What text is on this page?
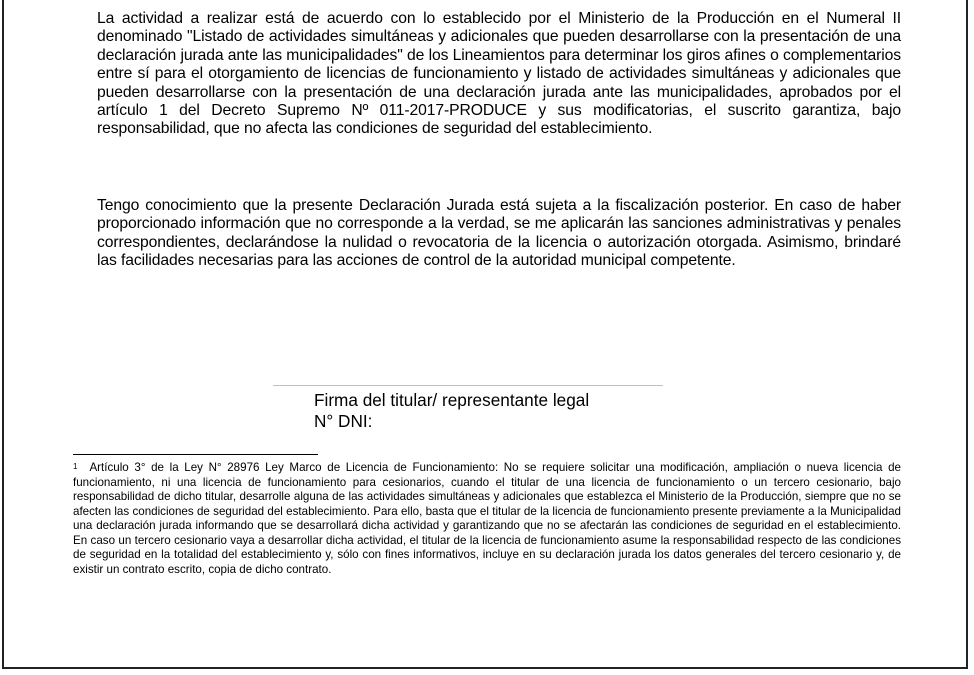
La actividad a realizar está de acuerdo con lo establecido por el Ministerio de la Producción en el Numeral II denominado "Listado de actividades simultáneas y adicionales que pueden desarrollarse con la presentación de una declaración jurada ante las municipalidades" de los Lineamientos para determinar los giros afines o complementarios entre sí para el otorgamiento de licencias de funcionamiento y listado de actividades simultáneas y adicionales que pueden desarrollarse con la presentación de una declaración jurada ante las municipalidades, aprobados por el artículo 1 del Decreto Supremo Nº 011-2017-PRODUCE y sus modificatorias, el suscrito garantiza, bajo responsabilidad, que no afecta las condiciones de seguridad del establecimiento.

Tengo conocimiento que la presente Declaración Jurada está sujeta a la fiscalización posterior. En caso de haber proporcionado información que no corresponde a la verdad, se me aplicarán las sanciones administrativas y penales correspondientes, declarándose la nulidad o revocatoria de la licencia o autorización otorgada. Asimismo, brindaré las facilidades necesarias para las acciones de control de la autoridad municipal competente.

Firma del titular/ representante legal
N° DNI:

$^1$ Artículo 3° de la Ley N° 28976 Ley Marco de Licencia de Funcionamiento: No se requiere solicitar una modificación, ampliación o nueva licencia de funcionamiento, ni una licencia de funcionamiento para cesionarios, cuando el titular de una licencia de funcionamiento o un tercero cesionario, bajo responsabilidad de dicho titular, desarrolle alguna de las actividades simultáneas y adicionales que establezca el Ministerio de la Producción, siempre que no se afecten las condiciones de seguridad del establecimiento. Para ello, basta que el titular de la licencia de funcionamiento presente previamente a la Municipalidad una declaración jurada informando que se desarrollará dicha actividad y garantizando que no se afectarán las condiciones de seguridad en el establecimiento. En caso un tercero cesionario vaya a desarrollar dicha actividad, el titular de la licencia de funcionamiento asume la responsabilidad respecto de las condiciones de seguridad en la totalidad del establecimiento y, sólo con fines informativos, incluye en su declaración jurada los datos generales del tercero cesionario y, de existir un contrato escrito, copia de dicho contrato.
